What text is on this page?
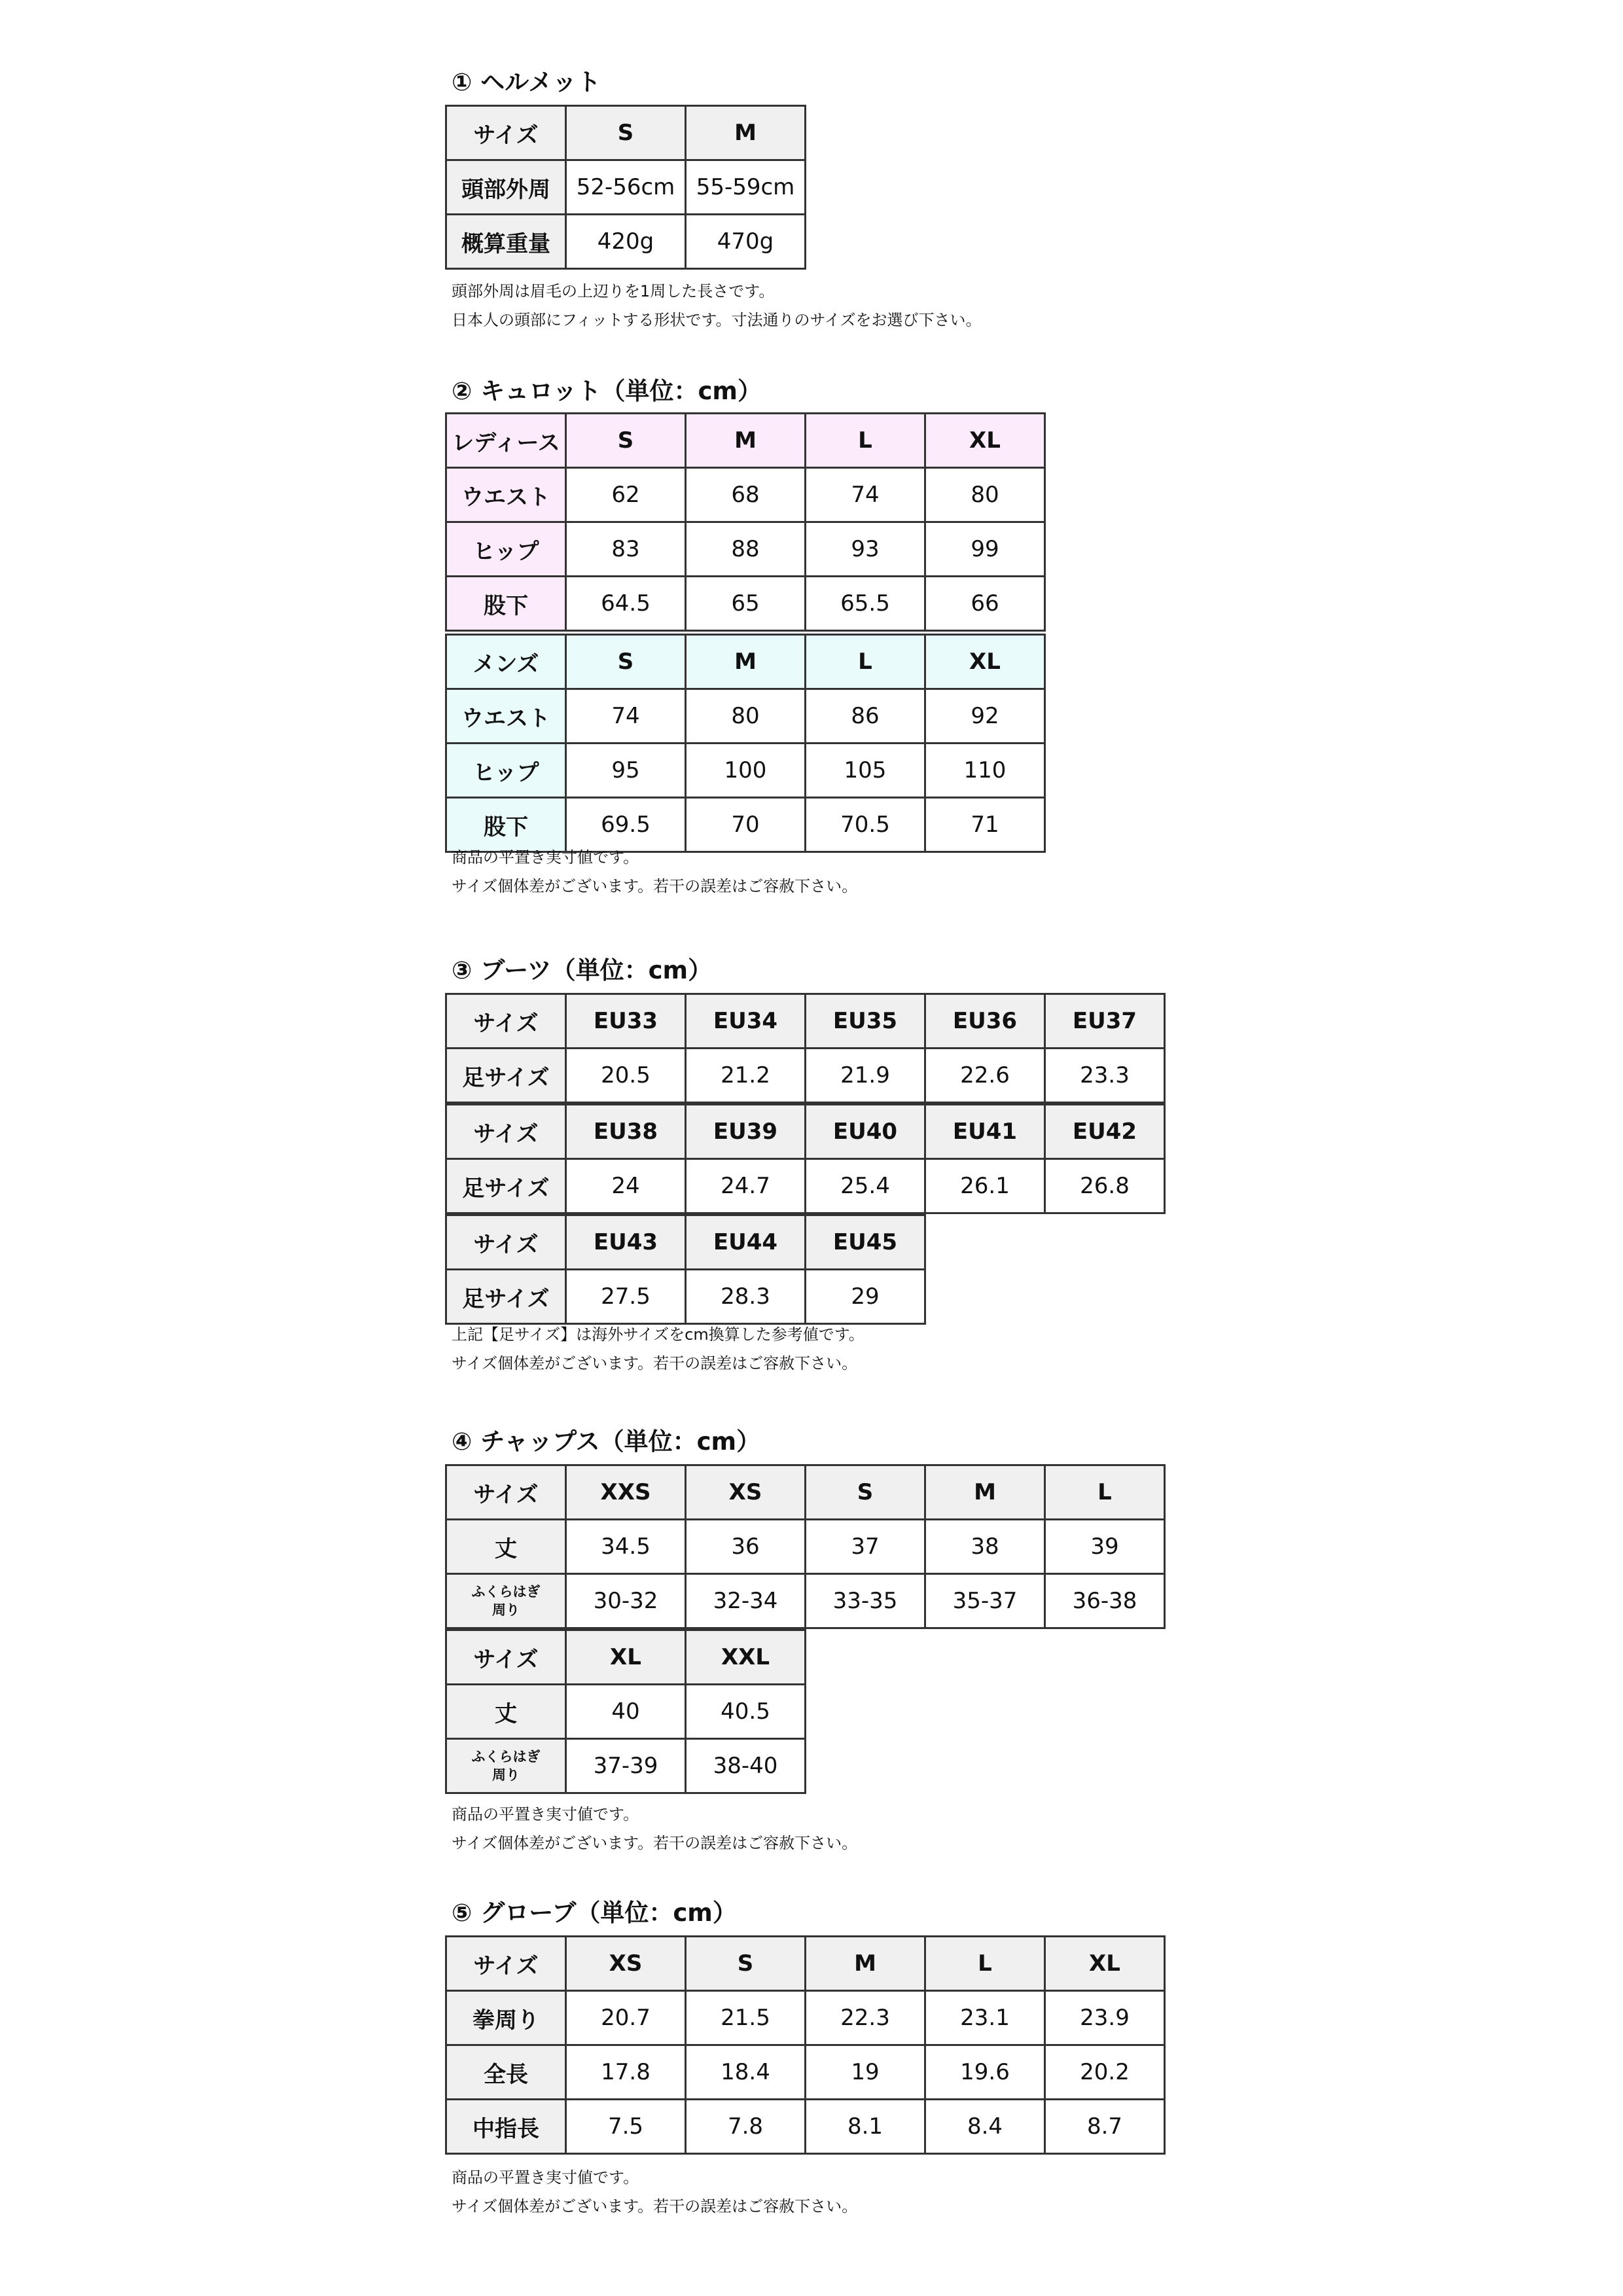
① ヘルメット
サイズ	S	M
頭部外周	52-56cm 55-59cm
概算重量	420g	470g
頭部外周は眉毛の上辺りを1周した長さです。
日本人の頭部にフィットする形状です。寸法通りのサイズをお選び下さい。
② キュロット（単位：cm）
レディース	S	M	L	XL
ウエスト	62	68	74	80
ヒップ	83	88	93	99
股下	64.5	65	65.5	66
メンズ	S	M	L	XL
ウエスト	74	80	86	92
ヒップ	95	100	105	110
股下	69.5	70	70.5	71
商品の平置き実寸値です。
サイズ個体差がございます。若干の誤差はご容赦下さい。
③ ブーツ（単位：cm）
サイズ	EU33	EU34	EU35	EU36	EU37
足サイズ	20.5	21.2	21.9	22.6	23.3
サイズ	EU38	EU39	EU40	EU41	EU42
足サイズ	24	24.7	25.4	26.1	26.8
サイズ	EU43	EU44	EU45
足サイズ	27.5	28.3	29
上記【足サイズ】は海外サイズをcm換算した参考値です。
サイズ個体差がございます。若干の誤差はご容赦下さい。
④ チャップス（単位：cm）
サイズ	XXS	XS	S	M	L
丈	34.5	36	37	38	39
ふくらはぎ
周り	30-32	32-34	33-35	35-37	36-38
サイズ	XL	XXL
丈	40	40.5
ふくらはぎ
周り	37-39	38-40
商品の平置き実寸値です。
サイズ個体差がございます。若干の誤差はご容赦下さい。
⑤ グローブ（単位：cm）
サイズ	XS	S	M	L	XL
拳周り	20.7	21.5	22.3	23.1	23.9
全長	17.8	18.4	19	19.6	20.2
中指長	7.5	7.8	8.1	8.4	8.7
商品の平置き実寸値です。
サイズ個体差がございます。若干の誤差はご容赦下さい。
